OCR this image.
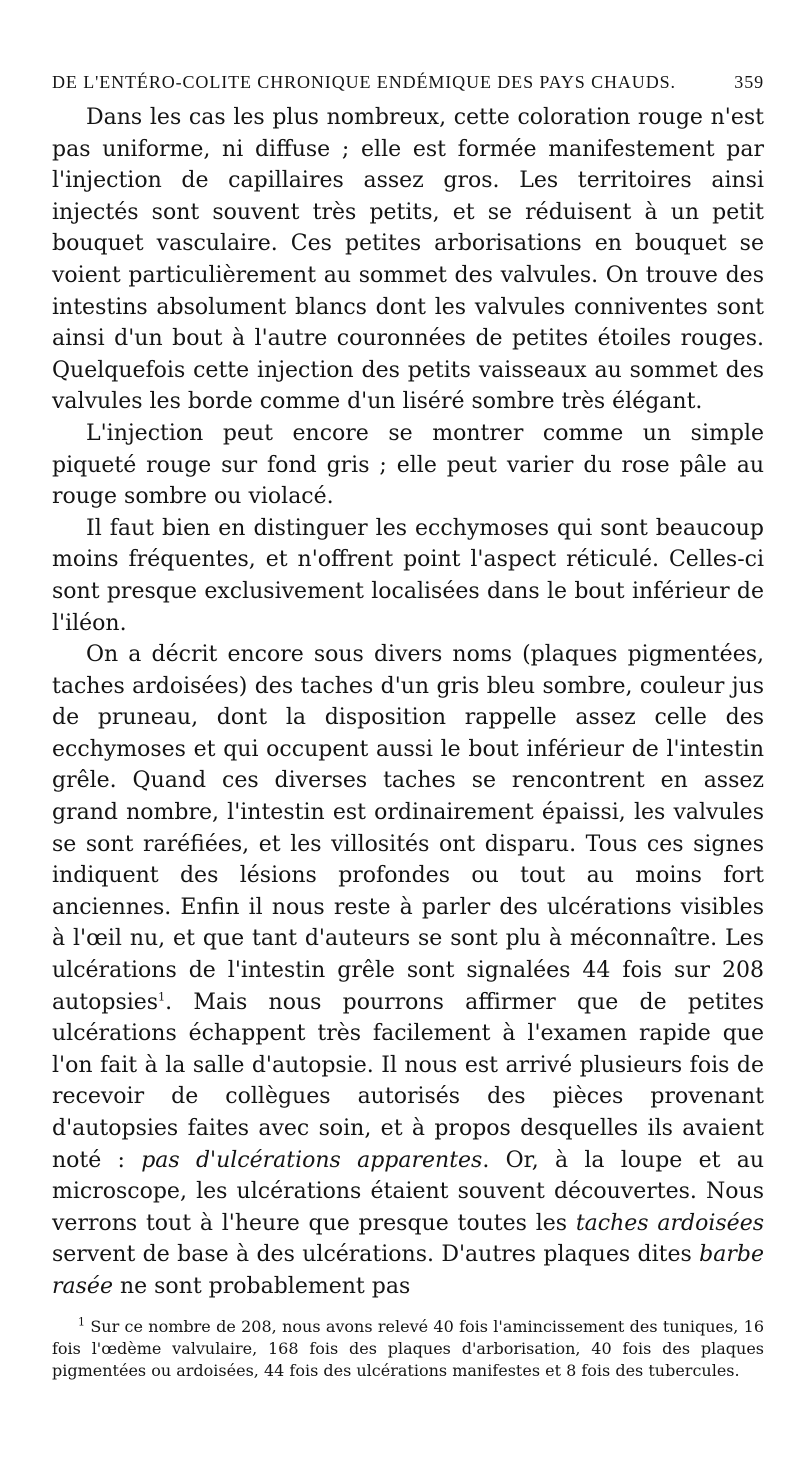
DE L'ENTÉRO-COLITE CHRONIQUE ENDÉMIQUE DES PAYS CHAUDS.	359

Dans les cas les plus nombreux, cette coloration rouge n'est pas uniforme, ni diffuse ; elle est formée manifestement par l'injection de capillaires assez gros. Les territoires ainsi injectés sont souvent très petits, et se réduisent à un petit bouquet vasculaire. Ces petites arborisations en bouquet se voient particulièrement au sommet des valvules. On trouve des intestins absolument blancs dont les valvules conniventes sont ainsi d'un bout à l'autre couronnées de petites étoiles rouges. Quelquefois cette injection des petits vaisseaux au sommet des valvules les borde comme d'un liséré sombre très élégant.

L'injection peut encore se montrer comme un simple piqueté rouge sur fond gris ; elle peut varier du rose pâle au rouge sombre ou violacé.

Il faut bien en distinguer les ecchymoses qui sont beaucoup moins fréquentes, et n'offrent point l'aspect réticulé. Celles-ci sont presque exclusivement localisées dans le bout inférieur de l'iléon.

On a décrit encore sous divers noms (plaques pigmentées, taches ardoisées) des taches d'un gris bleu sombre, couleur jus de pruneau, dont la disposition rappelle assez celle des ecchymoses et qui occupent aussi le bout inférieur de l'intestin grêle. Quand ces diverses taches se rencontrent en assez grand nombre, l'intestin est ordinairement épaissi, les valvules se sont raréfiées, et les villosités ont disparu. Tous ces signes indiquent des lésions profondes ou tout au moins fort anciennes. Enfin il nous reste à parler des ulcérations visibles à l'œil nu, et que tant d'auteurs se sont plu à méconnaître. Les ulcérations de l'intestin grêle sont signalées 44 fois sur 208 autopsies$^1$. Mais nous pourrons affirmer que de petites ulcérations échappent très facilement à l'examen rapide que l'on fait à la salle d'autopsie. Il nous est arrivé plusieurs fois de recevoir de collègues autorisés des pièces provenant d'autopsies faites avec soin, et à propos desquelles ils avaient noté : pas d'ulcérations apparentes. Or, à la loupe et au microscope, les ulcérations étaient souvent découvertes. Nous verrons tout à l'heure que presque toutes les taches ardoisées servent de base à des ulcérations. D'autres plaques dites barbe rasée ne sont probablement pas

$^1$ Sur ce nombre de 208, nous avons relevé 40 fois l'amincissement des tuniques, 16 fois l'œdème valvulaire, 168 fois des plaques d'arborisation, 40 fois des plaques pigmentées ou ardoisées, 44 fois des ulcérations manifestes et 8 fois des tubercules.
